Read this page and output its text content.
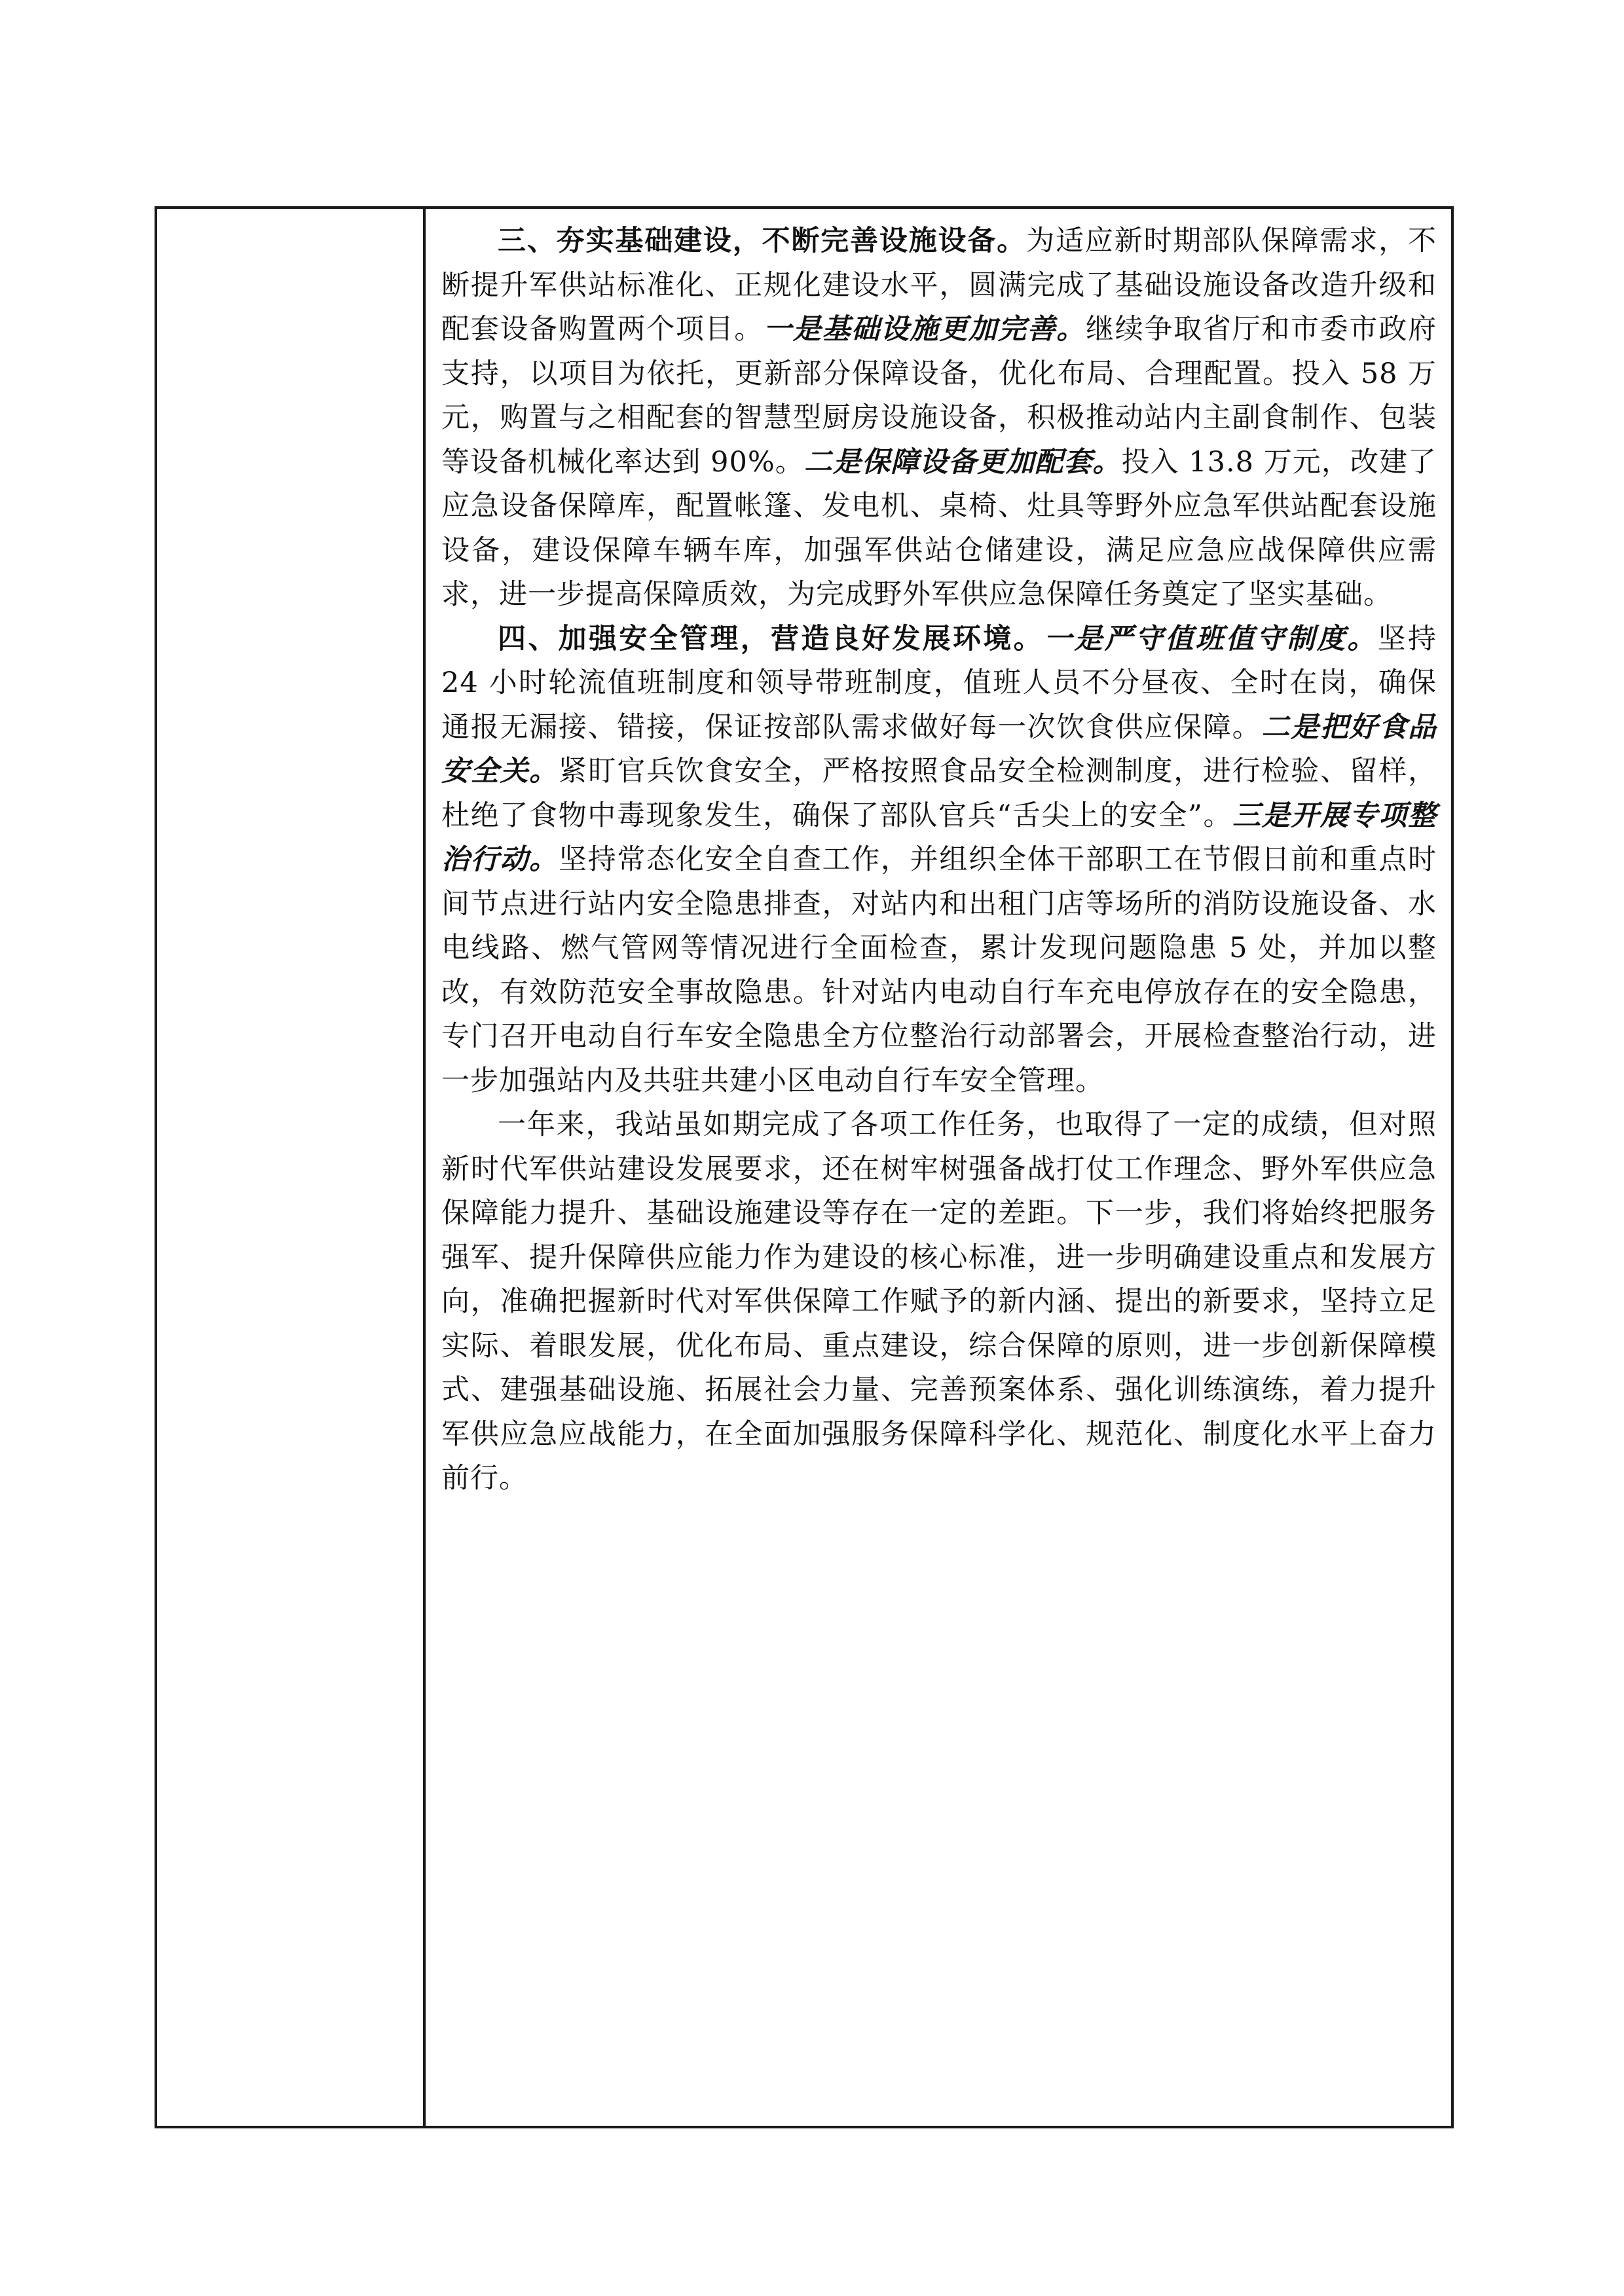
三、夯实基础建设，不断完善设施设备。为适应新时期部队保障需求，不断提升军供站标准化、正规化建设水平，圆满完成了基础设施设备改造升级和配套设备购置两个项目。一是基础设施更加完善。继续争取省厅和市委市政府支持，以项目为依托，更新部分保障设备，优化布局、合理配置。投入 58 万元，购置与之相配套的智慧型厨房设施设备，积极推动站内主副食制作、包装等设备机械化率达到 90%。二是保障设备更加配套。投入 13.8 万元，改建了应急设备保障库，配置帐篷、发电机、桌椅、灶具等野外应急军供站配套设施设备，建设保障车辆车库，加强军供站仓储建设，满足应急应战保障供应需求，进一步提高保障质效，为完成野外军供应急保障任务奠定了坚实基础。

四、加强安全管理，营造良好发展环境。一是严守值班值守制度。坚持 24 小时轮流值班制度和领导带班制度，值班人员不分昼夜、全时在岗，确保通报无漏接、错接，保证按部队需求做好每一次饮食供应保障。二是把好食品安全关。紧盯官兵饮食安全，严格按照食品安全检测制度，进行检验、留样，杜绝了食物中毒现象发生，确保了部队官兵“舌尖上的安全”。三是开展专项整治行动。坚持常态化安全自查工作，并组织全体干部职工在节假日前和重点时间节点进行站内安全隐患排查，对站内和出租门店等场所的消防设施设备、水电线路、燃气管网等情况进行全面检查，累计发现问题隐患 5 处，并加以整改，有效防范安全事故隐患。针对站内电动自行车充电停放存在的安全隐患，专门召开电动自行车安全隐患全方位整治行动部署会，开展检查整治行动，进一步加强站内及共驻共建小区电动自行车安全管理。

一年来，我站虽如期完成了各项工作任务，也取得了一定的成绩，但对照新时代军供站建设发展要求，还在树牢树强备战打仗工作理念、野外军供应急保障能力提升、基础设施建设等存在一定的差距。下一步，我们将始终把服务强军、提升保障供应能力作为建设的核心标准，进一步明确建设重点和发展方向，准确把握新时代对军供保障工作赋予的新内涵、提出的新要求，坚持立足实际、着眼发展，优化布局、重点建设，综合保障的原则，进一步创新保障模式、建强基础设施、拓展社会力量、完善预案体系、强化训练演练，着力提升军供应急应战能力，在全面加强服务保障科学化、规范化、制度化水平上奋力前行。
